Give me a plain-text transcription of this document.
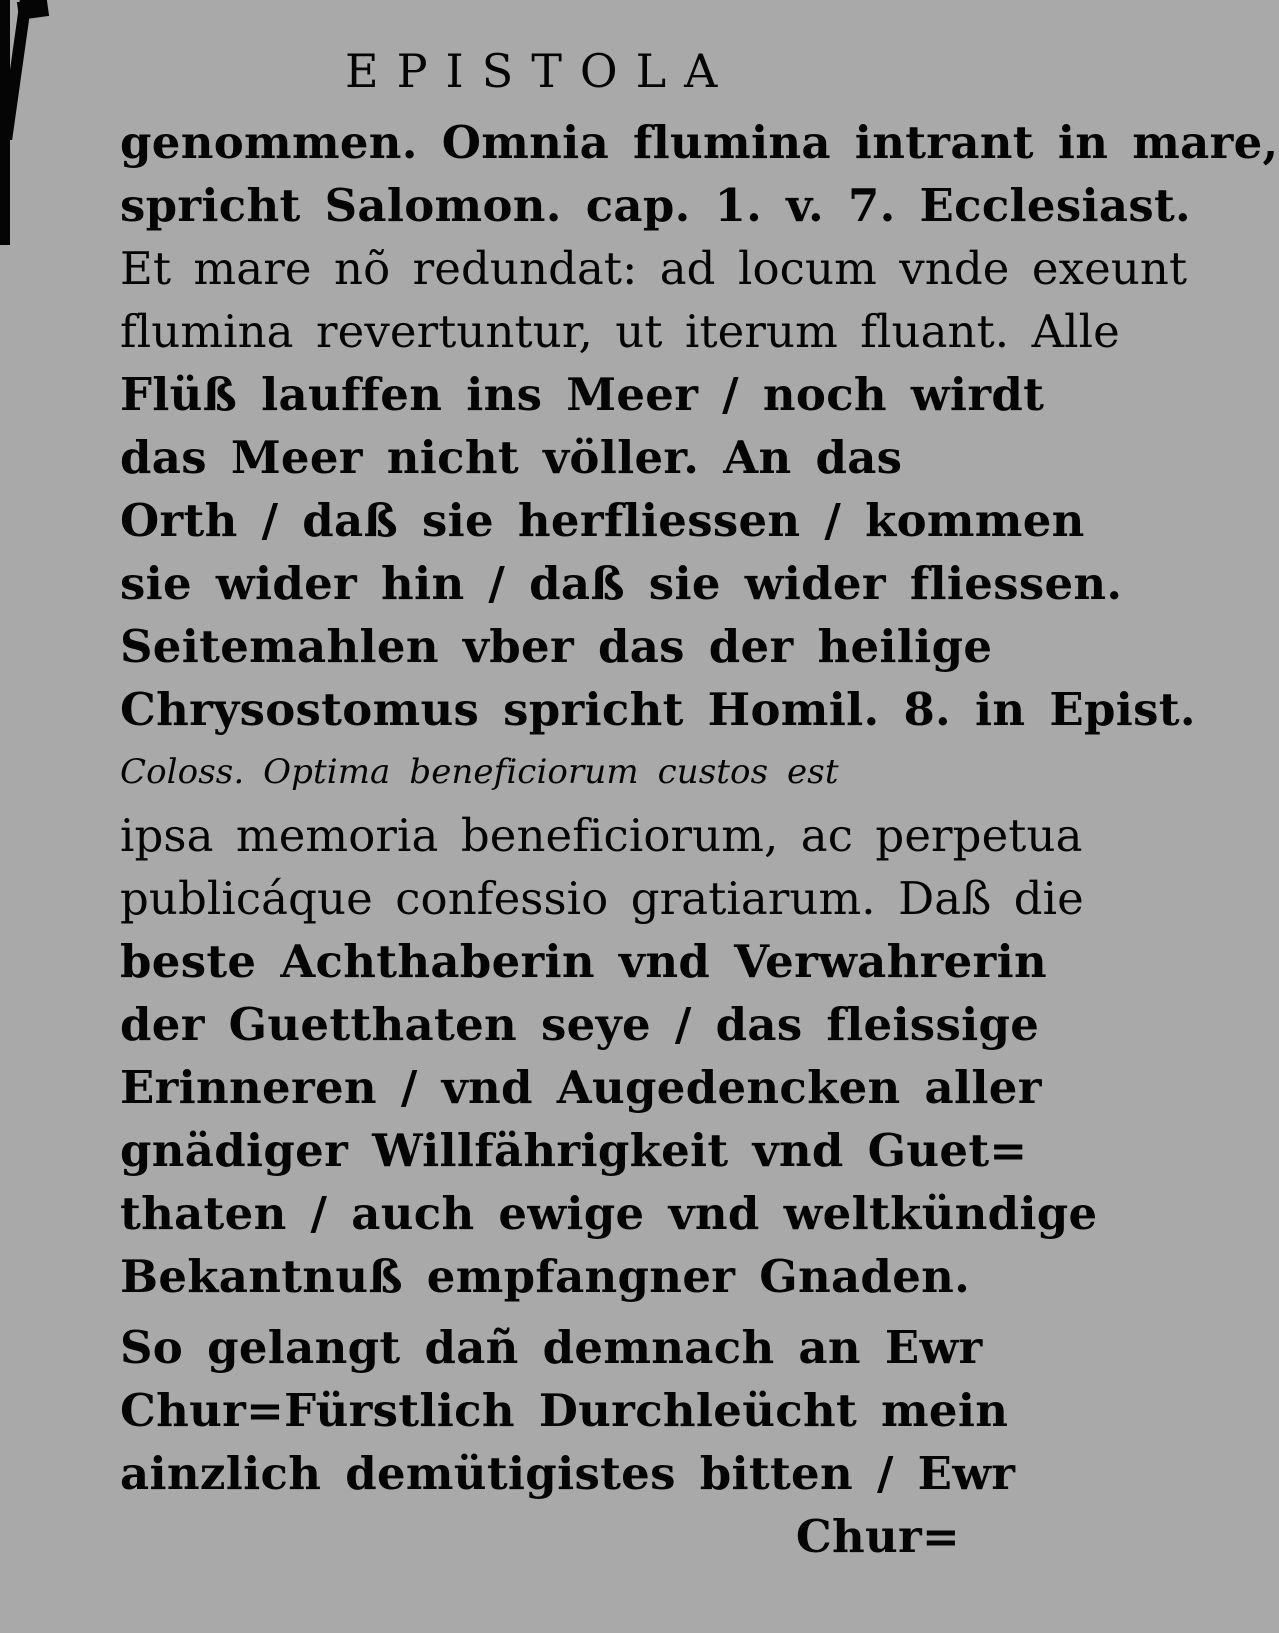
EPISTOLA
genommen. Omnia flumina intrant in mare,
spricht Salomon. cap. 1. v. 7. Ecclesiast.
Et mare nõ redundat: ad locum vnde exeunt
flumina revertuntur, ut iterum fluant. Alle
Flüß lauffen ins Meer / noch wirdt
das Meer nicht völler. An das
Orth / daß sie herfliessen / kommen
sie wider hin / daß sie wider fliessen.
Seitemahlen vber das der heilige
Chrysostomus spricht Homil. 8. in Epist.
Coloss. Optima beneficiorum custos est
ipsa memoria beneficiorum, ac perpetua
publicáque confessio gratiarum. Daß die
beste Achthaberin vnd Verwahrerin
der Guetthaten seye / das fleissige
Erinneren / vnd Augedencken aller
gnädiger Willfährigkeit vnd Guet=
thaten / auch ewige vnd weltkündige
Bekantnuß empfangner Gnaden.
So gelangt dañ demnach an Ewr
Chur=Fürstlich Durchleücht mein
ainzlich demütigistes bitten / Ewr
Chur=
